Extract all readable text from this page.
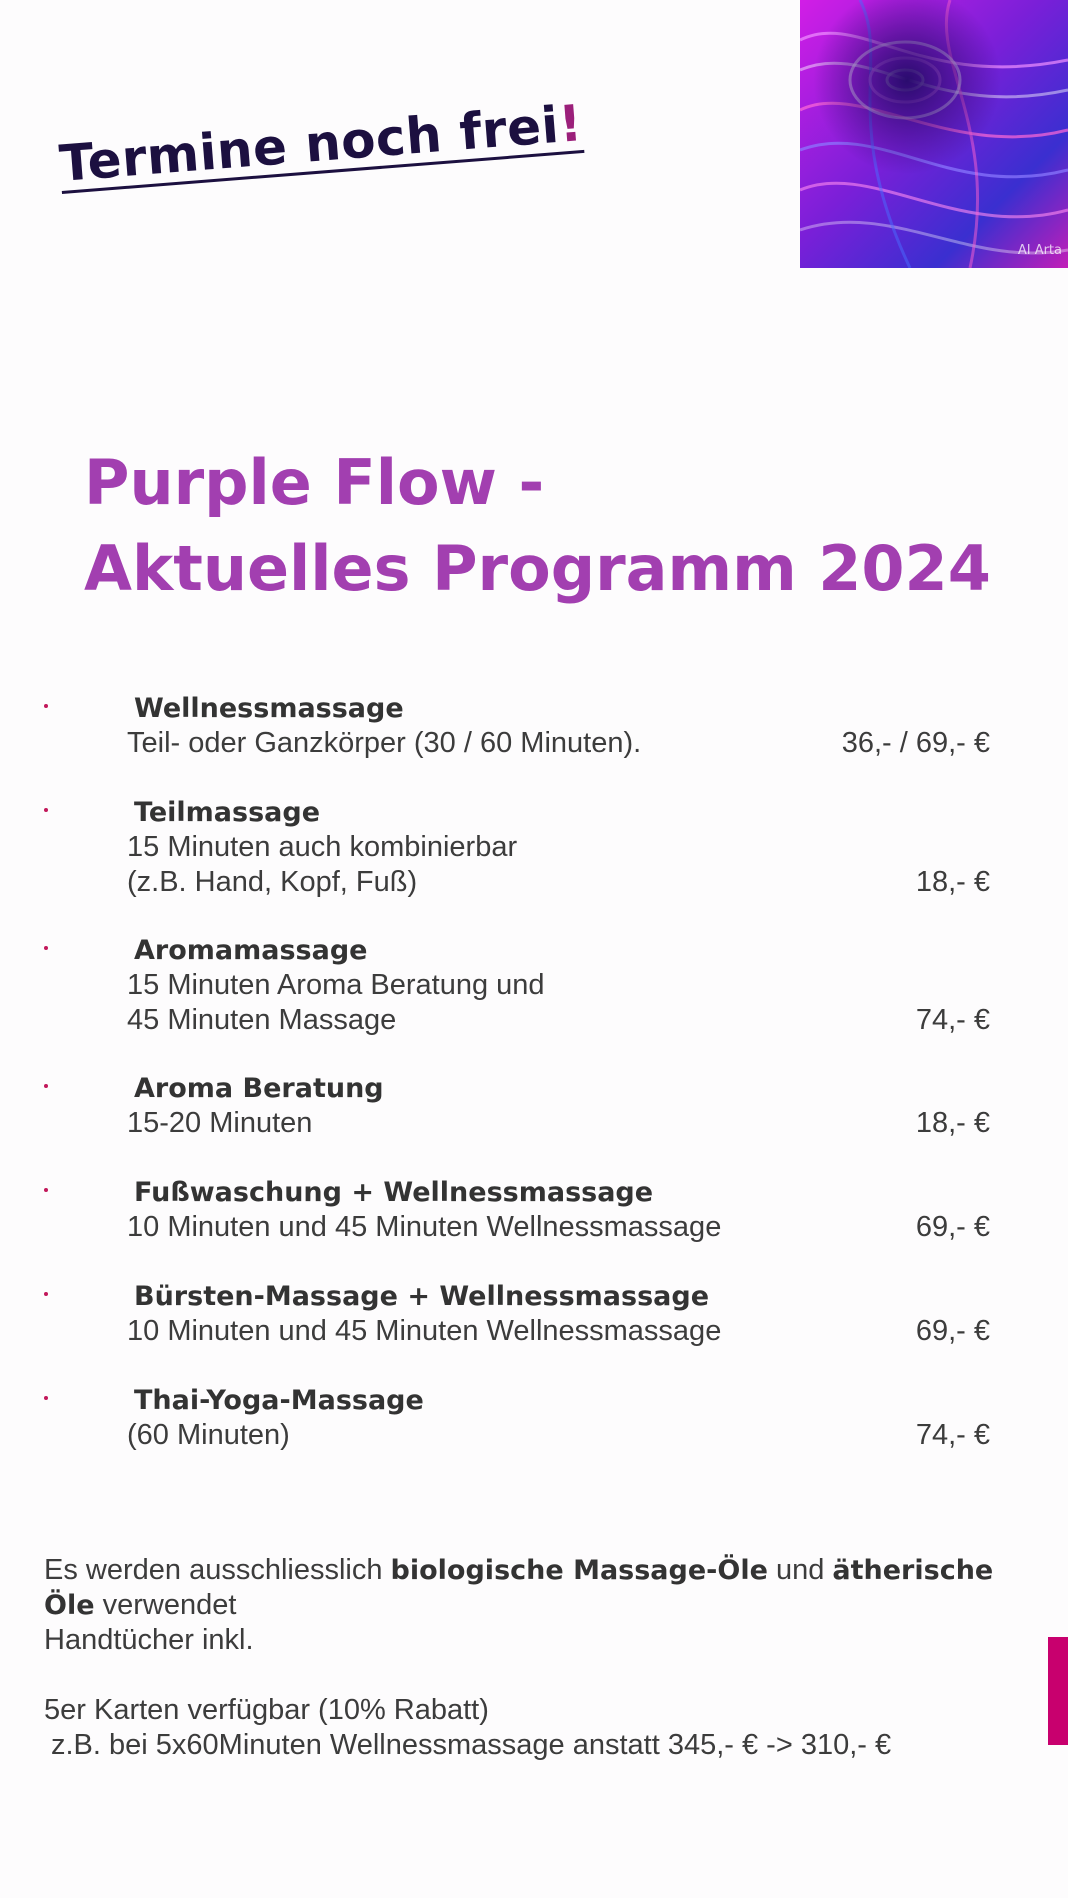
Termine noch frei!
AI Arta
Purple Flow -
Aktuelles Programm 2024
Wellnessmassage
Teil- oder Ganzkörper (30 / 60 Minuten).	36,- / 69,- €
Teilmassage
15 Minuten auch kombinierbar
(z.B. Hand, Kopf, Fuß)	18,- €
Aromamassage
15 Minuten Aroma Beratung und
45 Minuten Massage	74,- €
Aroma Beratung
15-20 Minuten	18,- €
Fußwaschung + Wellnessmassage
10 Minuten und 45 Minuten Wellnessmassage	69,- €
Bürsten-Massage + Wellnessmassage
10 Minuten und 45 Minuten Wellnessmassage	69,- €
Thai-Yoga-Massage
(60 Minuten)	74,- €
Es werden ausschliesslich biologische Massage-Öle und ätherische Öle verwendet
Handtücher inkl.
5er Karten verfügbar (10% Rabatt)
z.B. bei 5x60Minuten Wellnessmassage anstatt 345,- € -> 310,- €
